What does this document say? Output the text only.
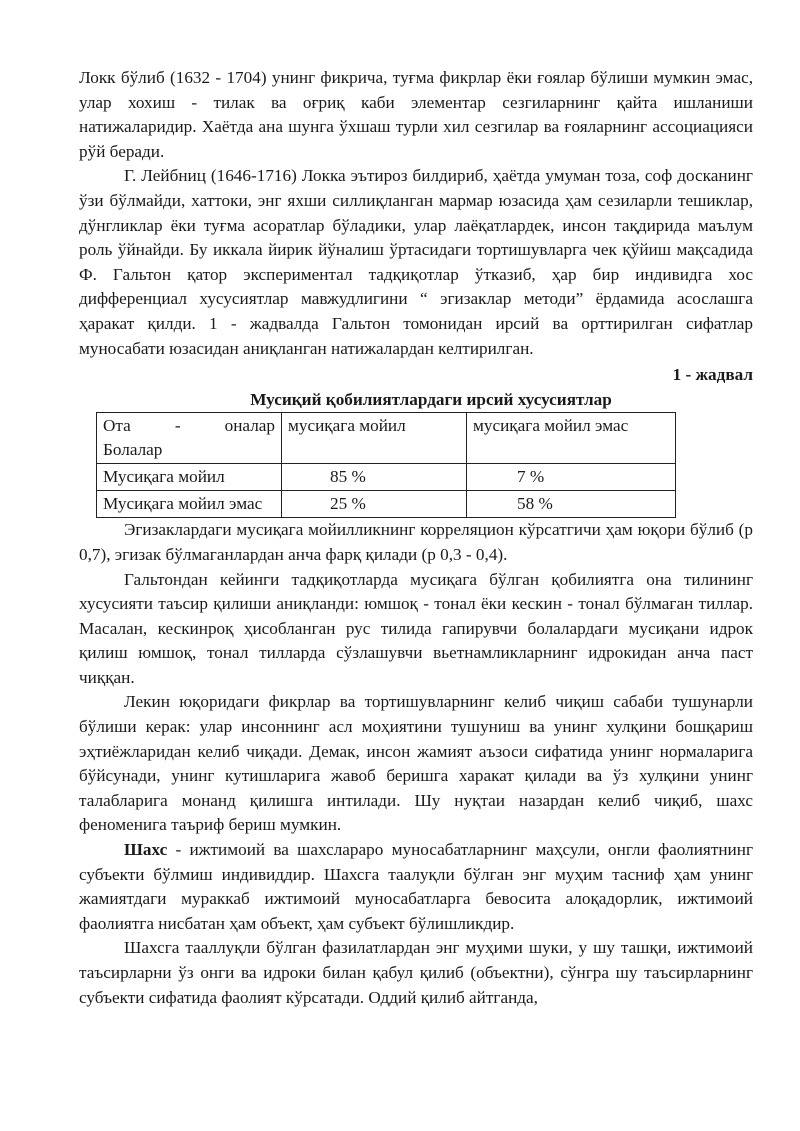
Локк бўлиб (1632 - 1704) унинг фикрича, туғма фикрлар ёки ғоялар бўлиши мумкин эмас, улар хохиш - тилак ва оғриқ каби элементар сезгиларнинг қайта ишланиши натижаларидир. Хаётда ана шунга ўхшаш турли хил сезгилар ва ғояларнинг ассоциацияси рўй беради.

Г. Лейбниц (1646-1716) Локка эътироз билдириб, ҳаётда умуман тоза, соф досканинг ўзи бўлмайди, хаттоки, энг яхши силлиқланган мармар юзасида ҳам сезиларли тешиклар, дўнгликлар ёки туғма асоратлар бўладики, улар лаёқатлардек, инсон тақдирида маълум роль ўйнайди. Бу иккала йирик йўналиш ўртасидаги тортишувларга чек қўйиш мақсадида Ф. Гальтон қатор экспериментал тадқиқотлар ўтказиб, ҳар бир индивидга хос дифференциал хусусиятлар мавжудлигини “ эгизаклар методи” ёрдамида асослашга ҳаракат қилди. 1 - жадвалда Гальтон томонидан ирсий ва орттирилган сифатлар муносабати юзасидан аниқланган натижалардан келтирилган.

1 - жадвал
Мусиқий қобилиятлардаги ирсий хусусиятлар
Ота - оналар
Болалар	мусиқага мойил	мусиқага мойил эмас
Мусиқага мойил	85 %	7 %
Мусиқага мойил эмас	25 %	58 %

Эгизаклардаги мусиқага мойилликнинг корреляцион кўрсатгичи ҳам юқори бўлиб (р 0,7), эгизак бўлмаганлардан анча фарқ қилади (р 0,3 - 0,4).

Гальтондан кейинги тадқиқотларда мусиқага бўлган қобилиятга она тилининг хусусияти таъсир қилиши аниқланди: юмшоқ - тонал ёки кескин - тонал бўлмаган тиллар. Масалан, кескинроқ ҳисобланган рус тилида гапирувчи болалардаги мусиқани идрок қилиш юмшоқ, тонал тилларда сўзлашувчи вьетнамликларнинг идрокидан анча паст чиққан.

Лекин юқоридаги фикрлар ва тортишувларнинг келиб чиқиш сабаби тушунарли бўлиши керак: улар инсоннинг асл моҳиятини тушуниш ва унинг хулқини бошқариш эҳтиёжларидан келиб чиқади. Демак, инсон жамият аъзоси сифатида унинг нормаларига бўйсунади, унинг кутишларига жавоб беришга харакат қилади ва ўз хулқини унинг талабларига монанд қилишга интилади. Шу нуқтаи назардан келиб чиқиб, шахс феноменига таъриф бериш мумкин.

Шахс - ижтимоий ва шахслараро муносабатларнинг маҳсули, онгли фаолиятнинг субъекти бўлмиш индивиддир. Шахсга таалуқли бўлган энг муҳим тасниф ҳам унинг жамиятдаги мураккаб ижтимоий муносабатларга бевосита алоқадорлик, ижтимоий фаолиятга нисбатан ҳам объект, ҳам субъект бўлишликдир.

Шахсга тааллуқли бўлган фазилатлардан энг муҳими шуки, у шу ташқи, ижтимоий таъсирларни ўз онги ва идроки билан қабул қилиб (объектни), сўнгра шу таъсирларнинг субъекти сифатида фаолият кўрсатади. Оддий қилиб айтганда,
